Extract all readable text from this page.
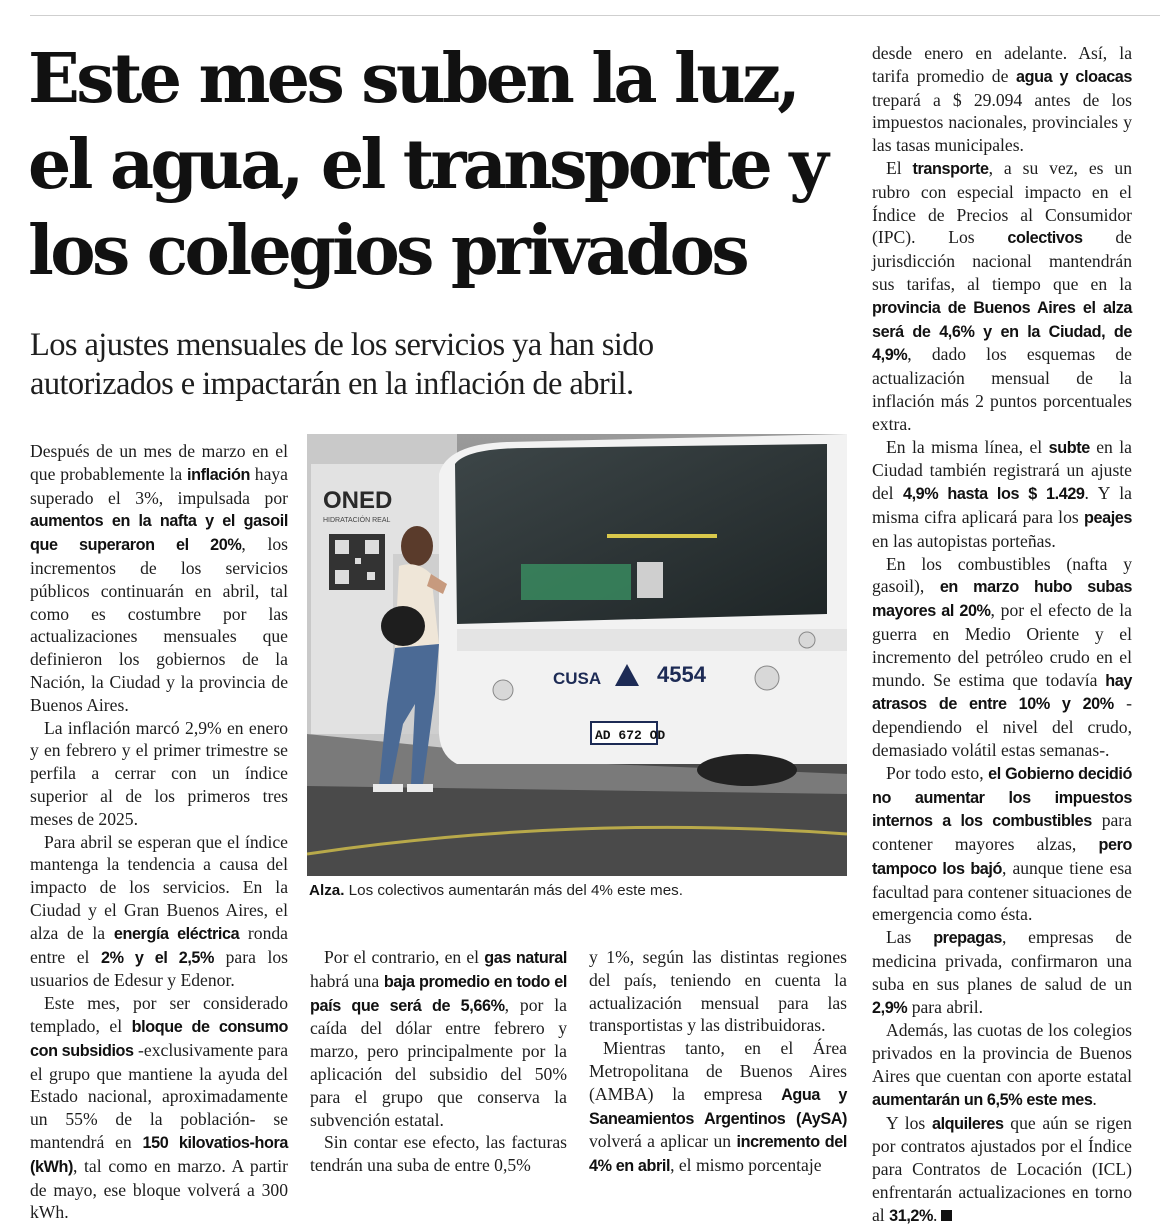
Este mes suben la luz,
el agua, el transporte y
los colegios privados
Los ajustes mensuales de los servicios ya han sido
autorizados e impactarán en la inflación de abril.

Después de un mes de marzo en el que probablemente la inflación haya superado el 3%, impulsada por aumentos en la nafta y el gasoil que superaron el 20%, los incrementos de los servicios públicos continuarán en abril, tal como es costumbre por las actualizaciones mensuales que definieron los gobiernos de la Nación, la Ciudad y la provincia de Buenos Aires.

La inflación marcó 2,9% en enero y en febrero y el primer trimestre se perfila a cerrar con un índice superior al de los primeros tres meses de 2025.

Para abril se esperan que el índice mantenga la tendencia a causa del impacto de los servicios. En la Ciudad y el Gran Buenos Aires, el alza de la energía eléctrica ronda entre el 2% y el 2,5% para los usuarios de Edesur y Edenor.

Este mes, por ser considerado templado, el bloque de consumo con subsidios -exclusivamente para el grupo que mantiene la ayuda del Estado nacional, aproximadamente un 55% de la población- se mantendrá en 150 kilovatios-hora (kWh), tal como en marzo. A partir de mayo, ese bloque volverá a 300 kWh.

ONED
HIDRATACIÓN REAL
CUSA	4554
AD 672 OD

Alza. Los colectivos aumentarán más del 4% este mes.

Por el contrario, en el gas natural habrá una baja promedio en todo el país que será de 5,66%, por la caída del dólar entre febrero y marzo, pero principalmente por la aplicación del subsidio del 50% para el grupo que conserva la subvención estatal.

Sin contar ese efecto, las facturas tendrán una suba de entre 0,5%

y 1%, según las distintas regiones del país, teniendo en cuenta la actualización mensual para las transportistas y las distribuidoras.

Mientras tanto, en el Área Metropolitana de Buenos Aires (AMBA) la empresa Agua y Saneamientos Argentinos (AySA) volverá a aplicar un incremento del 4% en abril, el mismo porcentaje

desde enero en adelante. Así, la tarifa promedio de agua y cloacas trepará a $ 29.094 antes de los impuestos nacionales, provinciales y las tasas municipales.

El transporte, a su vez, es un rubro con especial impacto en el Índice de Precios al Consumidor (IPC). Los colectivos de jurisdicción nacional mantendrán sus tarifas, al tiempo que en la provincia de Buenos Aires el alza será de 4,6% y en la Ciudad, de 4,9%, dado los esquemas de actualización mensual de la inflación más 2 puntos porcentuales extra.

En la misma línea, el subte en la Ciudad también registrará un ajuste del 4,9% hasta los $ 1.429. Y la misma cifra aplicará para los peajes en las autopistas porteñas.

En los combustibles (nafta y gasoil), en marzo hubo subas mayores al 20%, por el efecto de la guerra en Medio Oriente y el incremento del petróleo crudo en el mundo. Se estima que todavía hay atrasos de entre 10% y 20% -dependiendo el nivel del crudo, demasiado volátil estas semanas-.

Por todo esto, el Gobierno decidió no aumentar los impuestos internos a los combustibles para contener mayores alzas, pero tampoco los bajó, aunque tiene esa facultad para contener situaciones de emergencia como ésta.

Las prepagas, empresas de medicina privada, confirmaron una suba en sus planes de salud de un 2,9% para abril.

Además, las cuotas de los colegios privados en la provincia de Buenos Aires que cuentan con aporte estatal aumentarán un 6,5% este mes.

Y los alquileres que aún se rigen por contratos ajustados por el Índice para Contratos de Locación (ICL) enfrentarán actualizaciones en torno al 31,2%.
